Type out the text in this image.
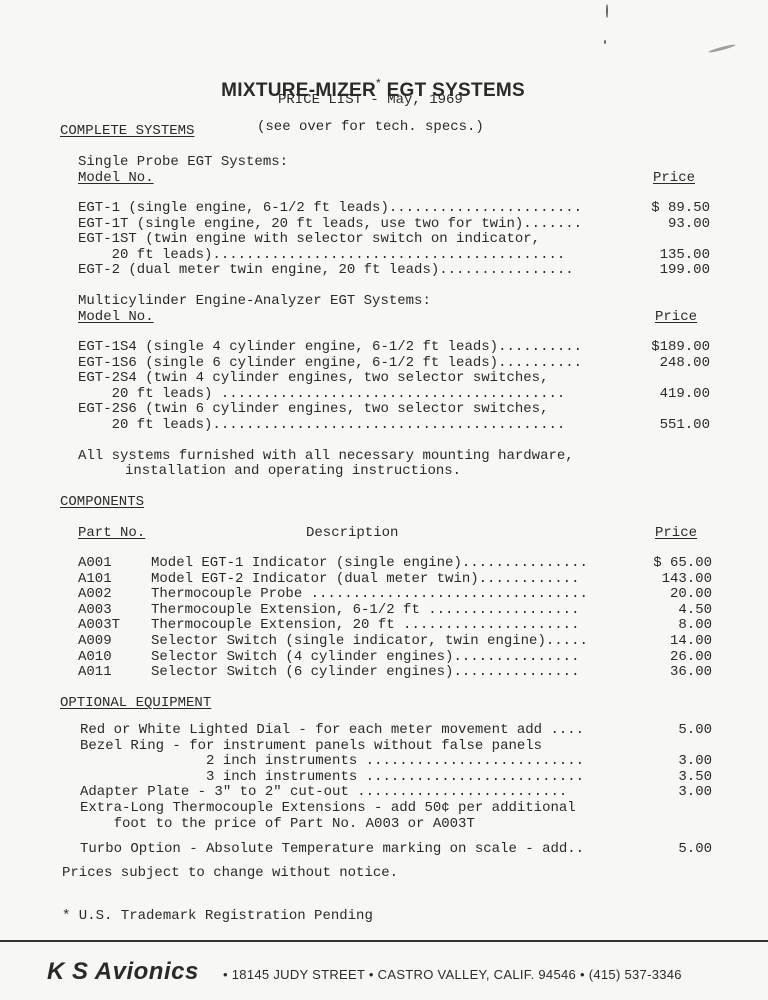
MIXTURE-MIZER* EGT SYSTEMS

PRICE LIST - May, 1969
COMPLETE SYSTEMS	(see over for tech. specs.)
Single Probe EGT Systems:
Model No.	Price
EGT-1 (single engine, 6-1/2 ft leads).......................	$ 89.50
EGT-1T (single engine, 20 ft leads, use two for twin).......	93.00
EGT-1ST (twin engine with selector switch on indicator,
20 ft leads)..........................................	135.00
EGT-2 (dual meter twin engine, 20 ft leads)................	199.00
Multicylinder Engine-Analyzer EGT Systems:
Model No.	Price
EGT-1S4 (single 4 cylinder engine, 6-1/2 ft leads)..........	$189.00
EGT-1S6 (single 6 cylinder engine, 6-1/2 ft leads)..........	248.00
EGT-2S4 (twin 4 cylinder engines, two selector switches,
20 ft leads) .........................................	419.00
EGT-2S6 (twin 6 cylinder engines, two selector switches,
20 ft leads)..........................................	551.00
All systems furnished with all necessary mounting hardware,
installation and operating instructions.
COMPONENTS
Part No.	Description	Price
A001	Model EGT-1 Indicator (single engine)...............	$ 65.00
A101	Model EGT-2 Indicator (dual meter twin)............	143.00
A002	Thermocouple Probe .................................	20.00
A003	Thermocouple Extension, 6-1/2 ft ..................	4.50
A003T Thermocouple Extension, 20 ft .....................	8.00
A009	Selector Switch (single indicator, twin engine).....	14.00
A010	Selector Switch (4 cylinder engines)...............	26.00
A011	Selector Switch (6 cylinder engines)...............	36.00
OPTIONAL EQUIPMENT
Red or White Lighted Dial - for each meter movement add ....	5.00
Bezel Ring - for instrument panels without false panels
2 inch instruments ..........................	3.00
3 inch instruments ..........................	3.50
Adapter Plate - 3" to 2" cut-out .........................	3.00
Extra-Long Thermocouple Extensions - add 50¢ per additional
foot to the price of Part No. A003 or A003T
Turbo Option - Absolute Temperature marking on scale - add..	5.00
Prices subject to change without notice.
* U.S. Trademark Registration Pending
K S Avionics • 18145 JUDY STREET • CASTRO VALLEY, CALIF. 94546 • (415) 537-3346
